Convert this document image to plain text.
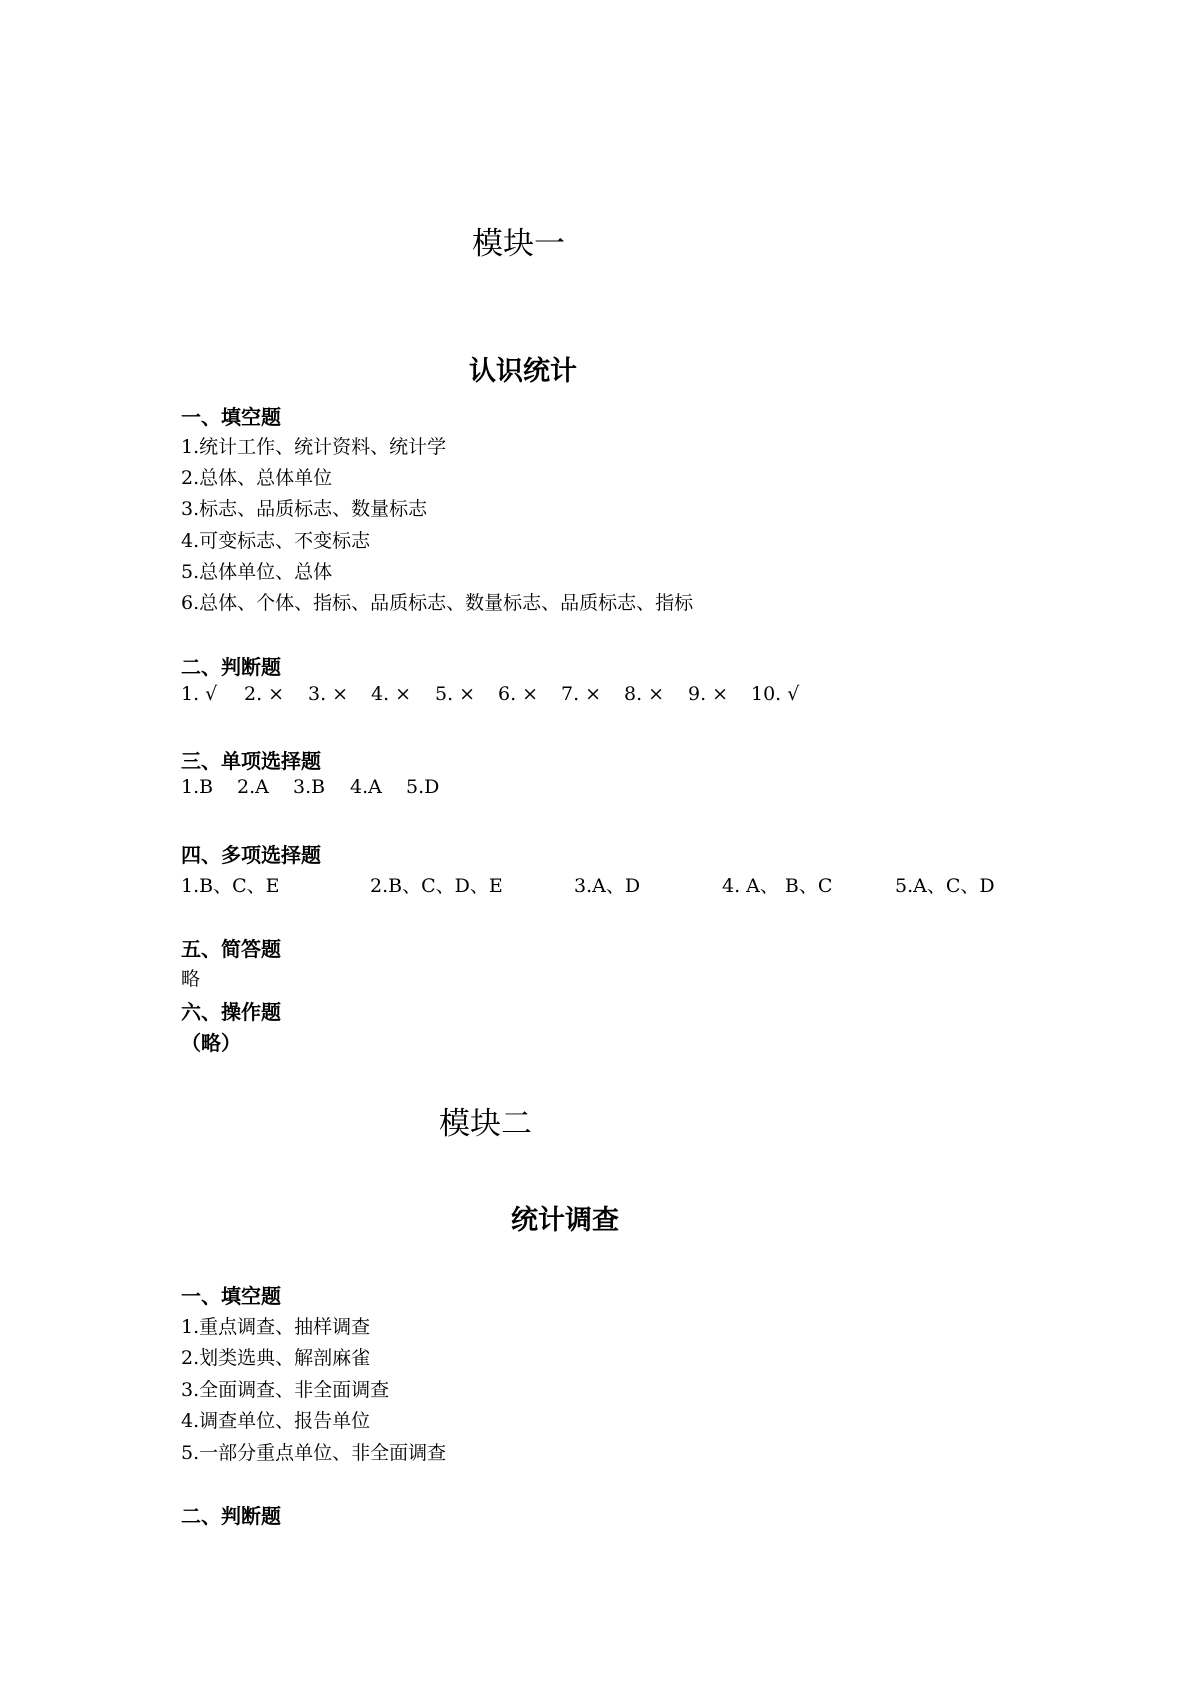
模块一
认识统计
一、填空题
1.统计工作、统计资料、统计学
2.总体、总体单位
3.标志、品质标志、数量标志
4.可变标志、不变标志
5.总体单位、总体
6.总体、个体、指标、品质标志、数量标志、品质标志、指标
二、判断题
1. √ 2. × 3. × 4. × 5. × 6. × 7. × 8. × 9. × 10. √
三、单项选择题
1.B 2.A 3.B 4.A 5.D
四、多项选择题
1.B、C、E	2.B、C、D、E	3.A、D	4. A、 B、C	5.A、C、D
五、简答题
略
六、操作题
（略）
模块二
统计调查
一、填空题
1.重点调查、抽样调查
2.划类选典、解剖麻雀
3.全面调查、非全面调查
4.调查单位、报告单位
5.一部分重点单位、非全面调查
二、判断题
